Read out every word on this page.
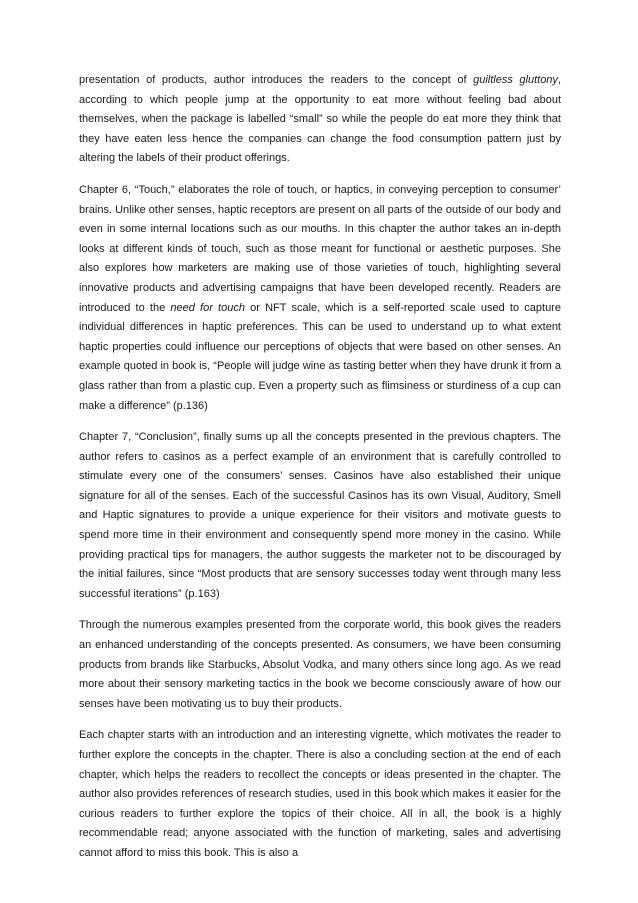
presentation of products, author introduces the readers to the concept of guiltless gluttony, according to which people jump at the opportunity to eat more without feeling bad about themselves, when the package is labelled “small” so while the people do eat more they think that they have eaten less hence the companies can change the food consumption pattern just by altering the labels of their product offerings.

Chapter 6, “Touch,” elaborates the role of touch, or haptics, in conveying perception to consumer’ brains. Unlike other senses, haptic receptors are present on all parts of the outside of our body and even in some internal locations such as our mouths. In this chapter the author takes an in-depth looks at different kinds of touch, such as those meant for functional or aesthetic purposes. She also explores how marketers are making use of those varieties of touch, highlighting several innovative products and advertising campaigns that have been developed recently. Readers are introduced to the need for touch or NFT scale, which is a self-reported scale used to capture individual differences in haptic preferences. This can be used to understand up to what extent haptic properties could influence our perceptions of objects that were based on other senses. An example quoted in book is, “People will judge wine as tasting better when they have drunk it from a glass rather than from a plastic cup. Even a property such as flimsiness or sturdiness of a cup can make a difference” (p.136)

Chapter 7, “Conclusion”, finally sums up all the concepts presented in the previous chapters. The author refers to casinos as a perfect example of an environment that is carefully controlled to stimulate every one of the consumers’ senses. Casinos have also established their unique signature for all of the senses. Each of the successful Casinos has its own Visual, Auditory, Smell and Haptic signatures to provide a unique experience for their visitors and motivate guests to spend more time in their environment and consequently spend more money in the casino. While providing practical tips for managers, the author suggests the marketer not to be discouraged by the initial failures, since “Most products that are sensory successes today went through many less successful iterations” (p.163)

Through the numerous examples presented from the corporate world, this book gives the readers an enhanced understanding of the concepts presented. As consumers, we have been consuming products from brands like Starbucks, Absolut Vodka, and many others since long ago. As we read more about their sensory marketing tactics in the book we become consciously aware of how our senses have been motivating us to buy their products.

Each chapter starts with an introduction and an interesting vignette, which motivates the reader to further explore the concepts in the chapter. There is also a concluding section at the end of each chapter, which helps the readers to recollect the concepts or ideas presented in the chapter. The author also provides references of research studies, used in this book which makes it easier for the curious readers to further explore the topics of their choice. All in all, the book is a highly recommendable read; anyone associated with the function of marketing, sales and advertising cannot afford to miss this book. This is also a
